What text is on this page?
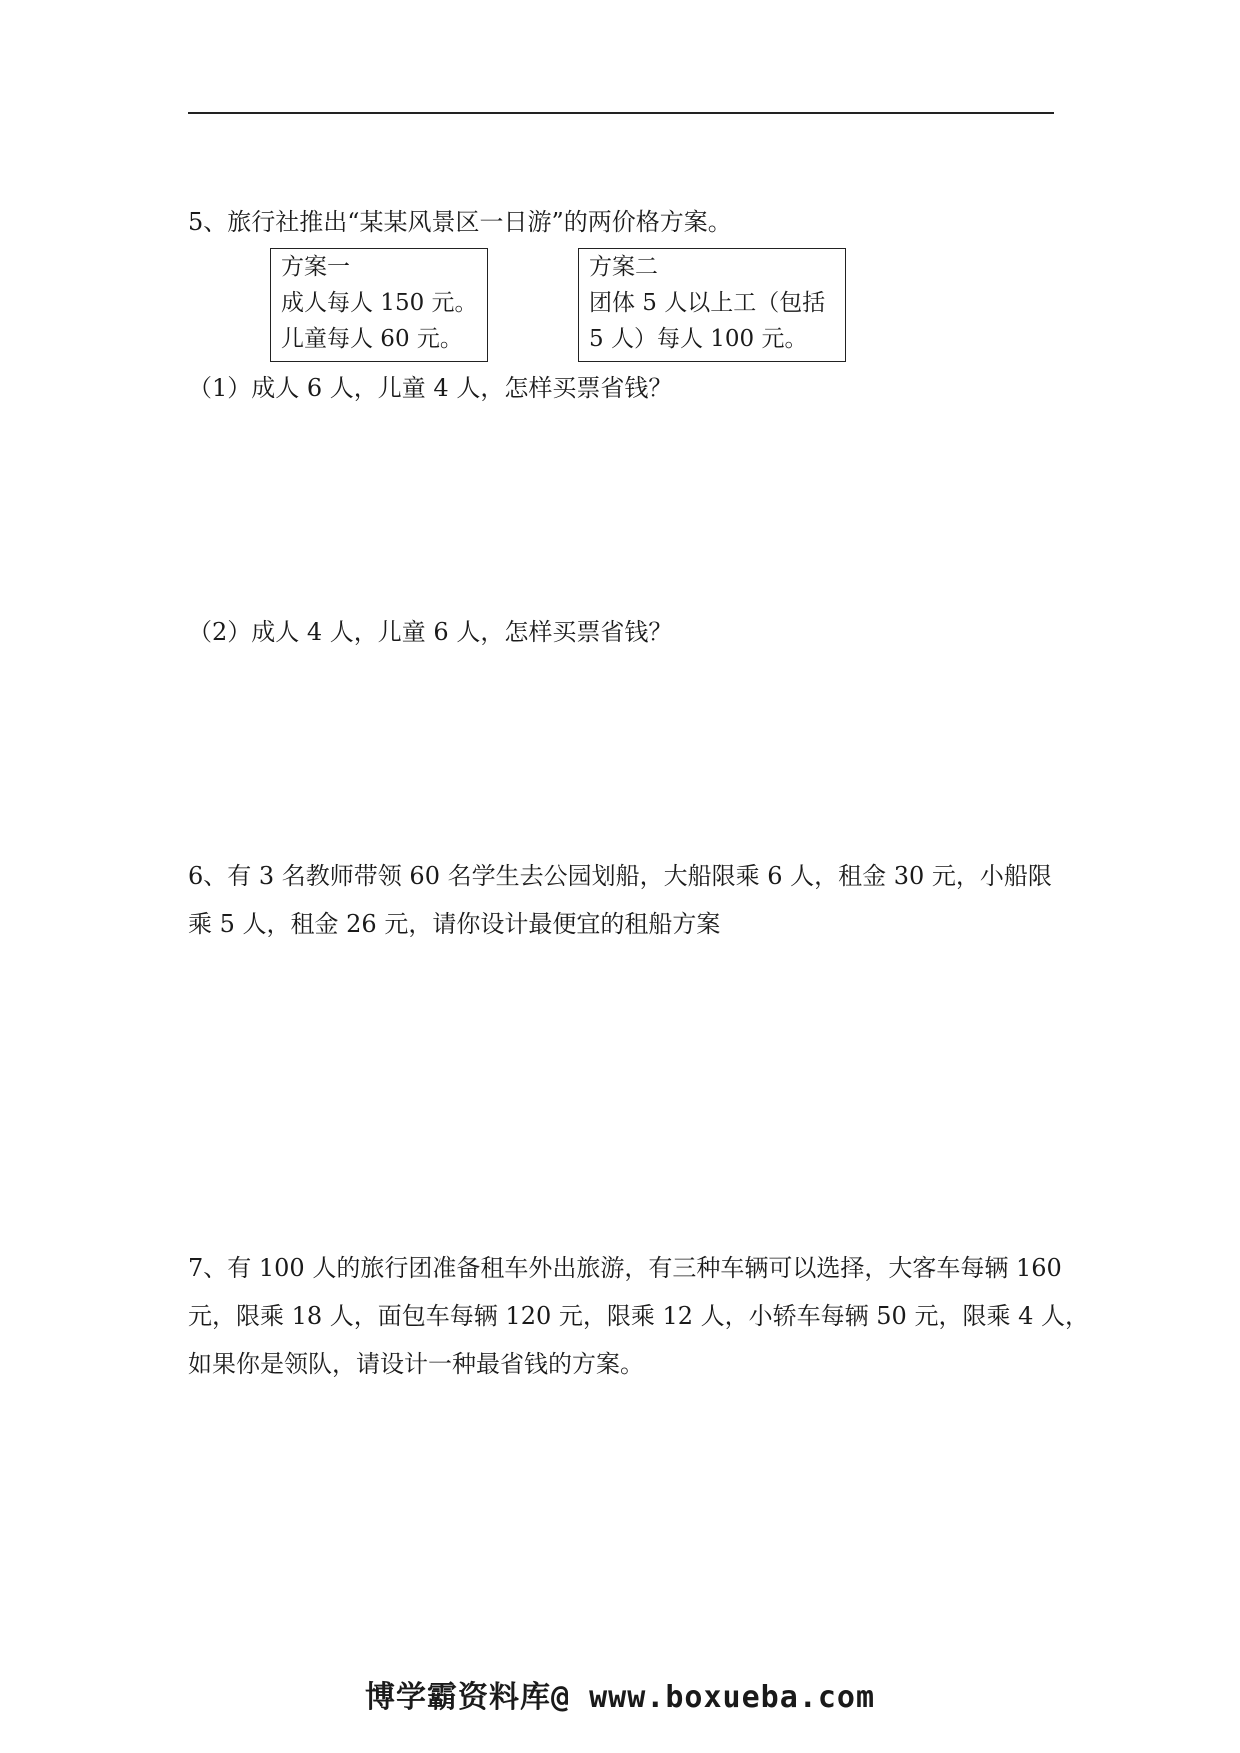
5、旅行社推出“某某风景区一日游”的两价格方案。
方案一
成人每人 150 元。
儿童每人 60 元。
方案二
团体 5 人以上工（包括
5 人）每人 100 元。
（1）成人 6 人，儿童 4 人，怎样买票省钱？
（2）成人 4 人，儿童 6 人，怎样买票省钱？
6、有 3 名教师带领 60 名学生去公园划船，大船限乘 6 人，租金 30 元，小船限
乘 5 人，租金 26 元，请你设计最便宜的租船方案
7、有 100 人的旅行团准备租车外出旅游，有三种车辆可以选择，大客车每辆 160
元，限乘 18 人，面包车每辆 120 元，限乘 12 人，小轿车每辆 50 元，限乘 4 人，
如果你是领队，请设计一种最省钱的方案。
博学霸资料库@ www.boxueba.com
